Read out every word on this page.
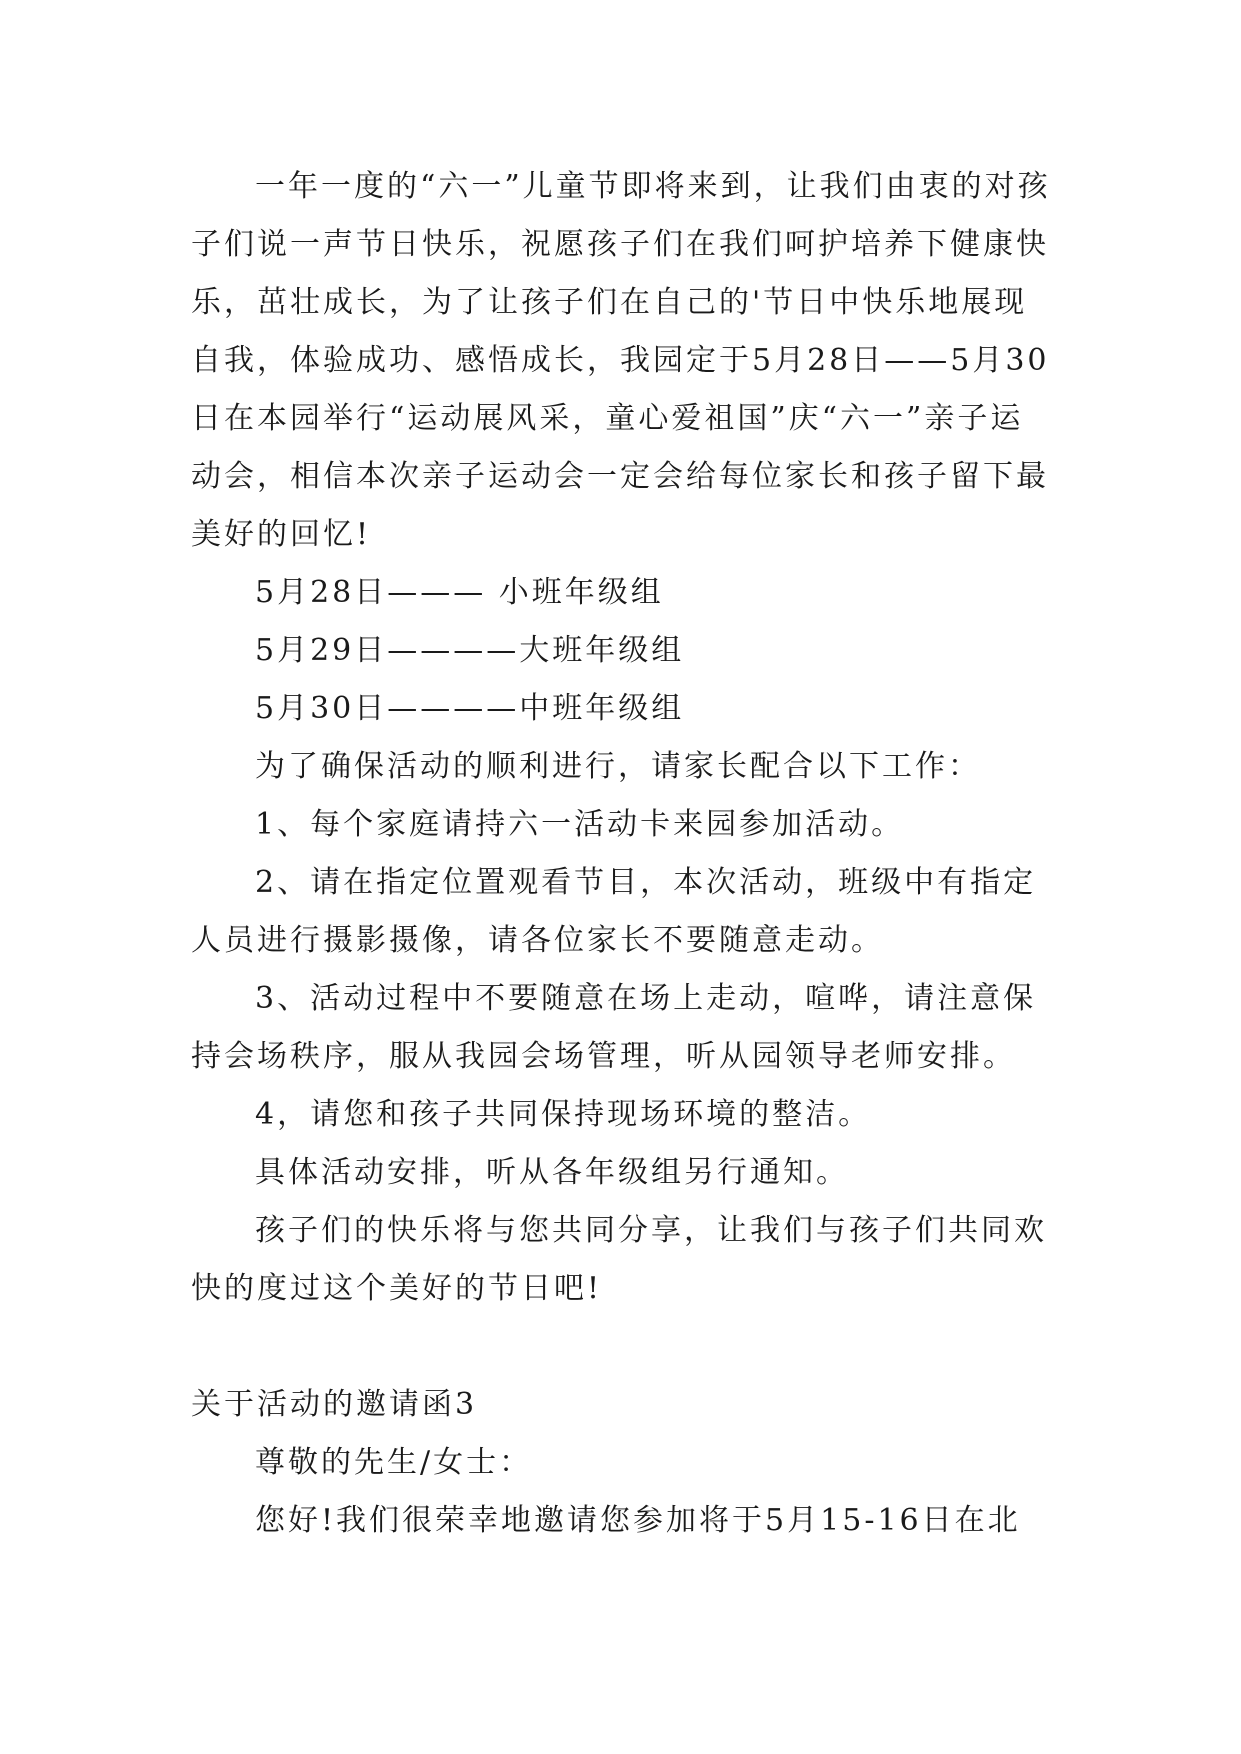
一年一度的“六一”儿童节即将来到，让我们由衷的对孩子们说一声节日快乐，祝愿孩子们在我们呵护培养下健康快乐，茁壮成长，为了让孩子们在自己的'节日中快乐地展现自我，体验成功、感悟成长，我园定于5月28日——5月30日在本园举行“运动展风采，童心爱祖国”庆“六一”亲子运动会，相信本次亲子运动会一定会给每位家长和孩子留下最美好的回忆!

5月28日——— 小班年级组

5月29日————大班年级组

5月30日————中班年级组

为了确保活动的顺利进行，请家长配合以下工作：

1、每个家庭请持六一活动卡来园参加活动。

2、请在指定位置观看节目，本次活动，班级中有指定人员进行摄影摄像，请各位家长不要随意走动。

3、活动过程中不要随意在场上走动，喧哗，请注意保持会场秩序，服从我园会场管理，听从园领导老师安排。

4，请您和孩子共同保持现场环境的整洁。

具体活动安排，听从各年级组另行通知。

孩子们的快乐将与您共同分享，让我们与孩子们共同欢快的度过这个美好的节日吧!

关于活动的邀请函3

尊敬的先生/女士：

您好!我们很荣幸地邀请您参加将于5月15-16日在北
